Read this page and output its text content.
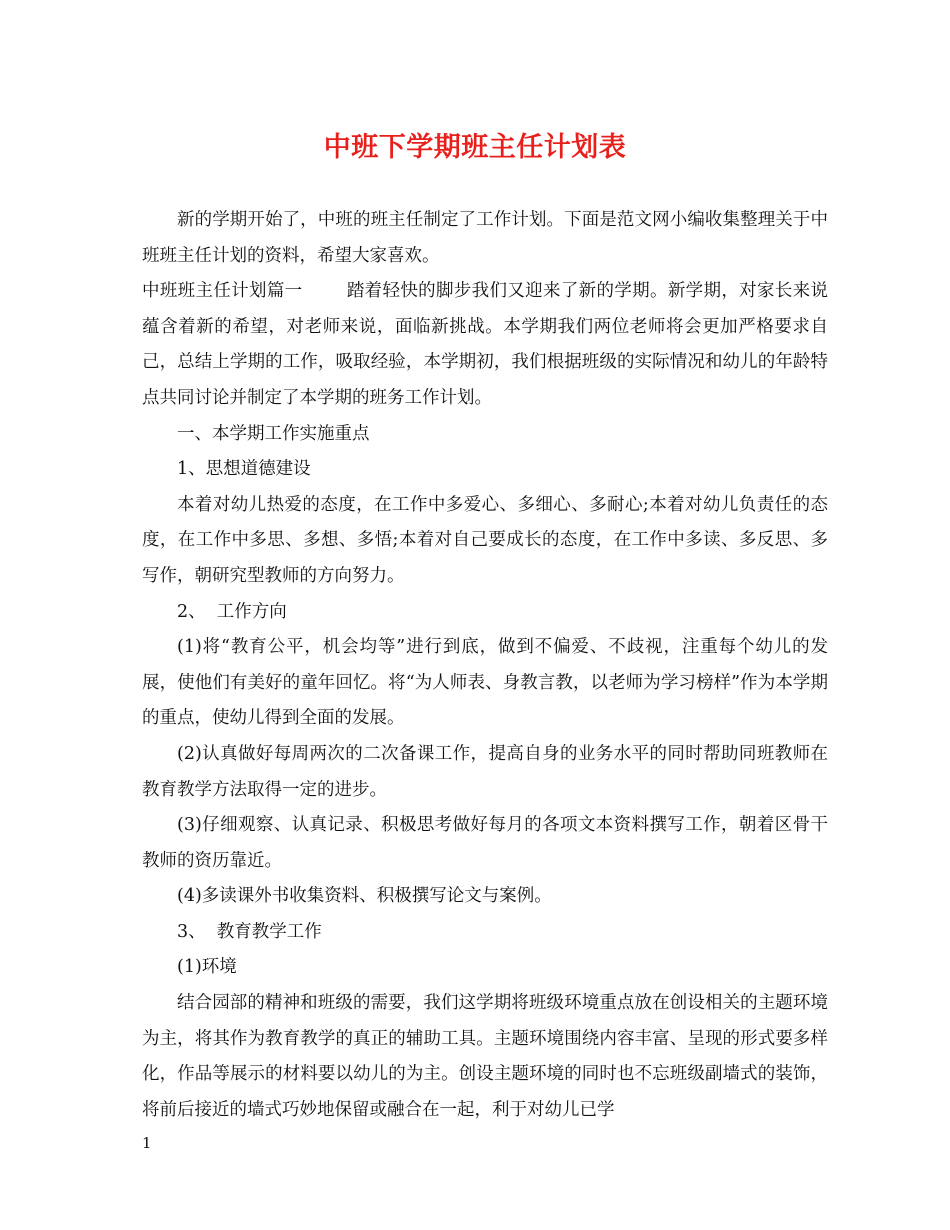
中班下学期班主任计划表

新的学期开始了，中班的班主任制定了工作计划。下面是范文网小编收集整理关于中班班主任计划的资料，希望大家喜欢。

中班班主任计划篇一	踏着轻快的脚步我们又迎来了新的学期。新学期，对家长来说蕴含着新的希望，对老师来说，面临新挑战。本学期我们两位老师将会更加严格要求自己，总结上学期的工作，吸取经验，本学期初，我们根据班级的实际情况和幼儿的年龄特点共同讨论并制定了本学期的班务工作计划。

一、本学期工作实施重点

1、思想道德建设

本着对幼儿热爱的态度，在工作中多爱心、多细心、多耐心;本着对幼儿负责任的态度，在工作中多思、多想、多悟;本着对自己要成长的态度，在工作中多读、多反思、多写作，朝研究型教师的方向努力。

2、  工作方向

(1)将“教育公平，机会均等”进行到底，做到不偏爱、不歧视，注重每个幼儿的发展，使他们有美好的童年回忆。将“为人师表、身教言教，以老师为学习榜样”作为本学期的重点，使幼儿得到全面的发展。

(2)认真做好每周两次的二次备课工作，提高自身的业务水平的同时帮助同班教师在教育教学方法取得一定的进步。

(3)仔细观察、认真记录、积极思考做好每月的各项文本资料撰写工作，朝着区骨干教师的资历靠近。

(4)多读课外书收集资料、积极撰写论文与案例。

3、  教育教学工作

(1)环境

结合园部的精神和班级的需要，我们这学期将班级环境重点放在创设相关的主题环境为主，将其作为教育教学的真正的辅助工具。主题环境围绕内容丰富、呈现的形式要多样化，作品等展示的材料要以幼儿的为主。创设主题环境的同时也不忘班级副墙式的装饰，将前后接近的墙式巧妙地保留或融合在一起，利于对幼儿已学

1
